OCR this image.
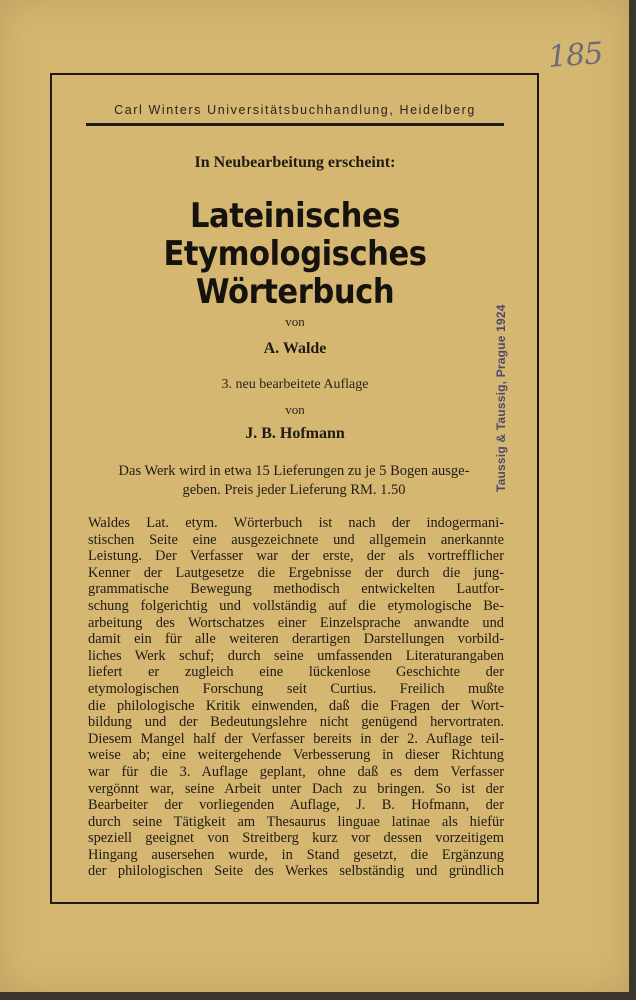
185
Carl Winters Universitätsbuchhandlung, Heidelberg
In Neubearbeitung erscheint:
Lateinisches
Etymologisches
Wörterbuch
von
A. Walde
3. neu bearbeitete Auflage
von
J. B. Hofmann
Das Werk wird in etwa 15 Lieferungen zu je 5 Bogen ausge-
geben. Preis jeder Lieferung RM. 1.50	Taussig & Taussig, Prague 1924
Waldes Lat. etym. Wörterbuch ist nach der indogermani-
stischen Seite eine ausgezeichnete und allgemein anerkannte
Leistung. Der Verfasser war der erste, der als vortrefflicher
Kenner der Lautgesetze die Ergebnisse der durch die jung-
grammatische Bewegung methodisch entwickelten Lautfor-
schung folgerichtig und vollständig auf die etymologische Be-
arbeitung des Wortschatzes einer Einzelsprache anwandte und
damit ein für alle weiteren derartigen Darstellungen vorbild-
liches Werk schuf; durch seine umfassenden Literaturangaben
liefert er zugleich eine lückenlose Geschichte der
etymologischen Forschung seit Curtius. Freilich mußte
die philologische Kritik einwenden, daß die Fragen der Wort-
bildung und der Bedeutungslehre nicht genügend hervortraten.
Diesem Mangel half der Verfasser bereits in der 2. Auflage teil-
weise ab; eine weitergehende Verbesserung in dieser Richtung
war für die 3. Auflage geplant, ohne daß es dem Verfasser
vergönnt war, seine Arbeit unter Dach zu bringen. So ist der
Bearbeiter der vorliegenden Auflage, J. B. Hofmann, der
durch seine Tätigkeit am Thesaurus linguae latinae als hiefür
speziell geeignet von Streitberg kurz vor dessen vorzeitigem
Hingang ausersehen wurde, in Stand gesetzt, die Ergänzung
der philologischen Seite des Werkes selbständig und gründlich
